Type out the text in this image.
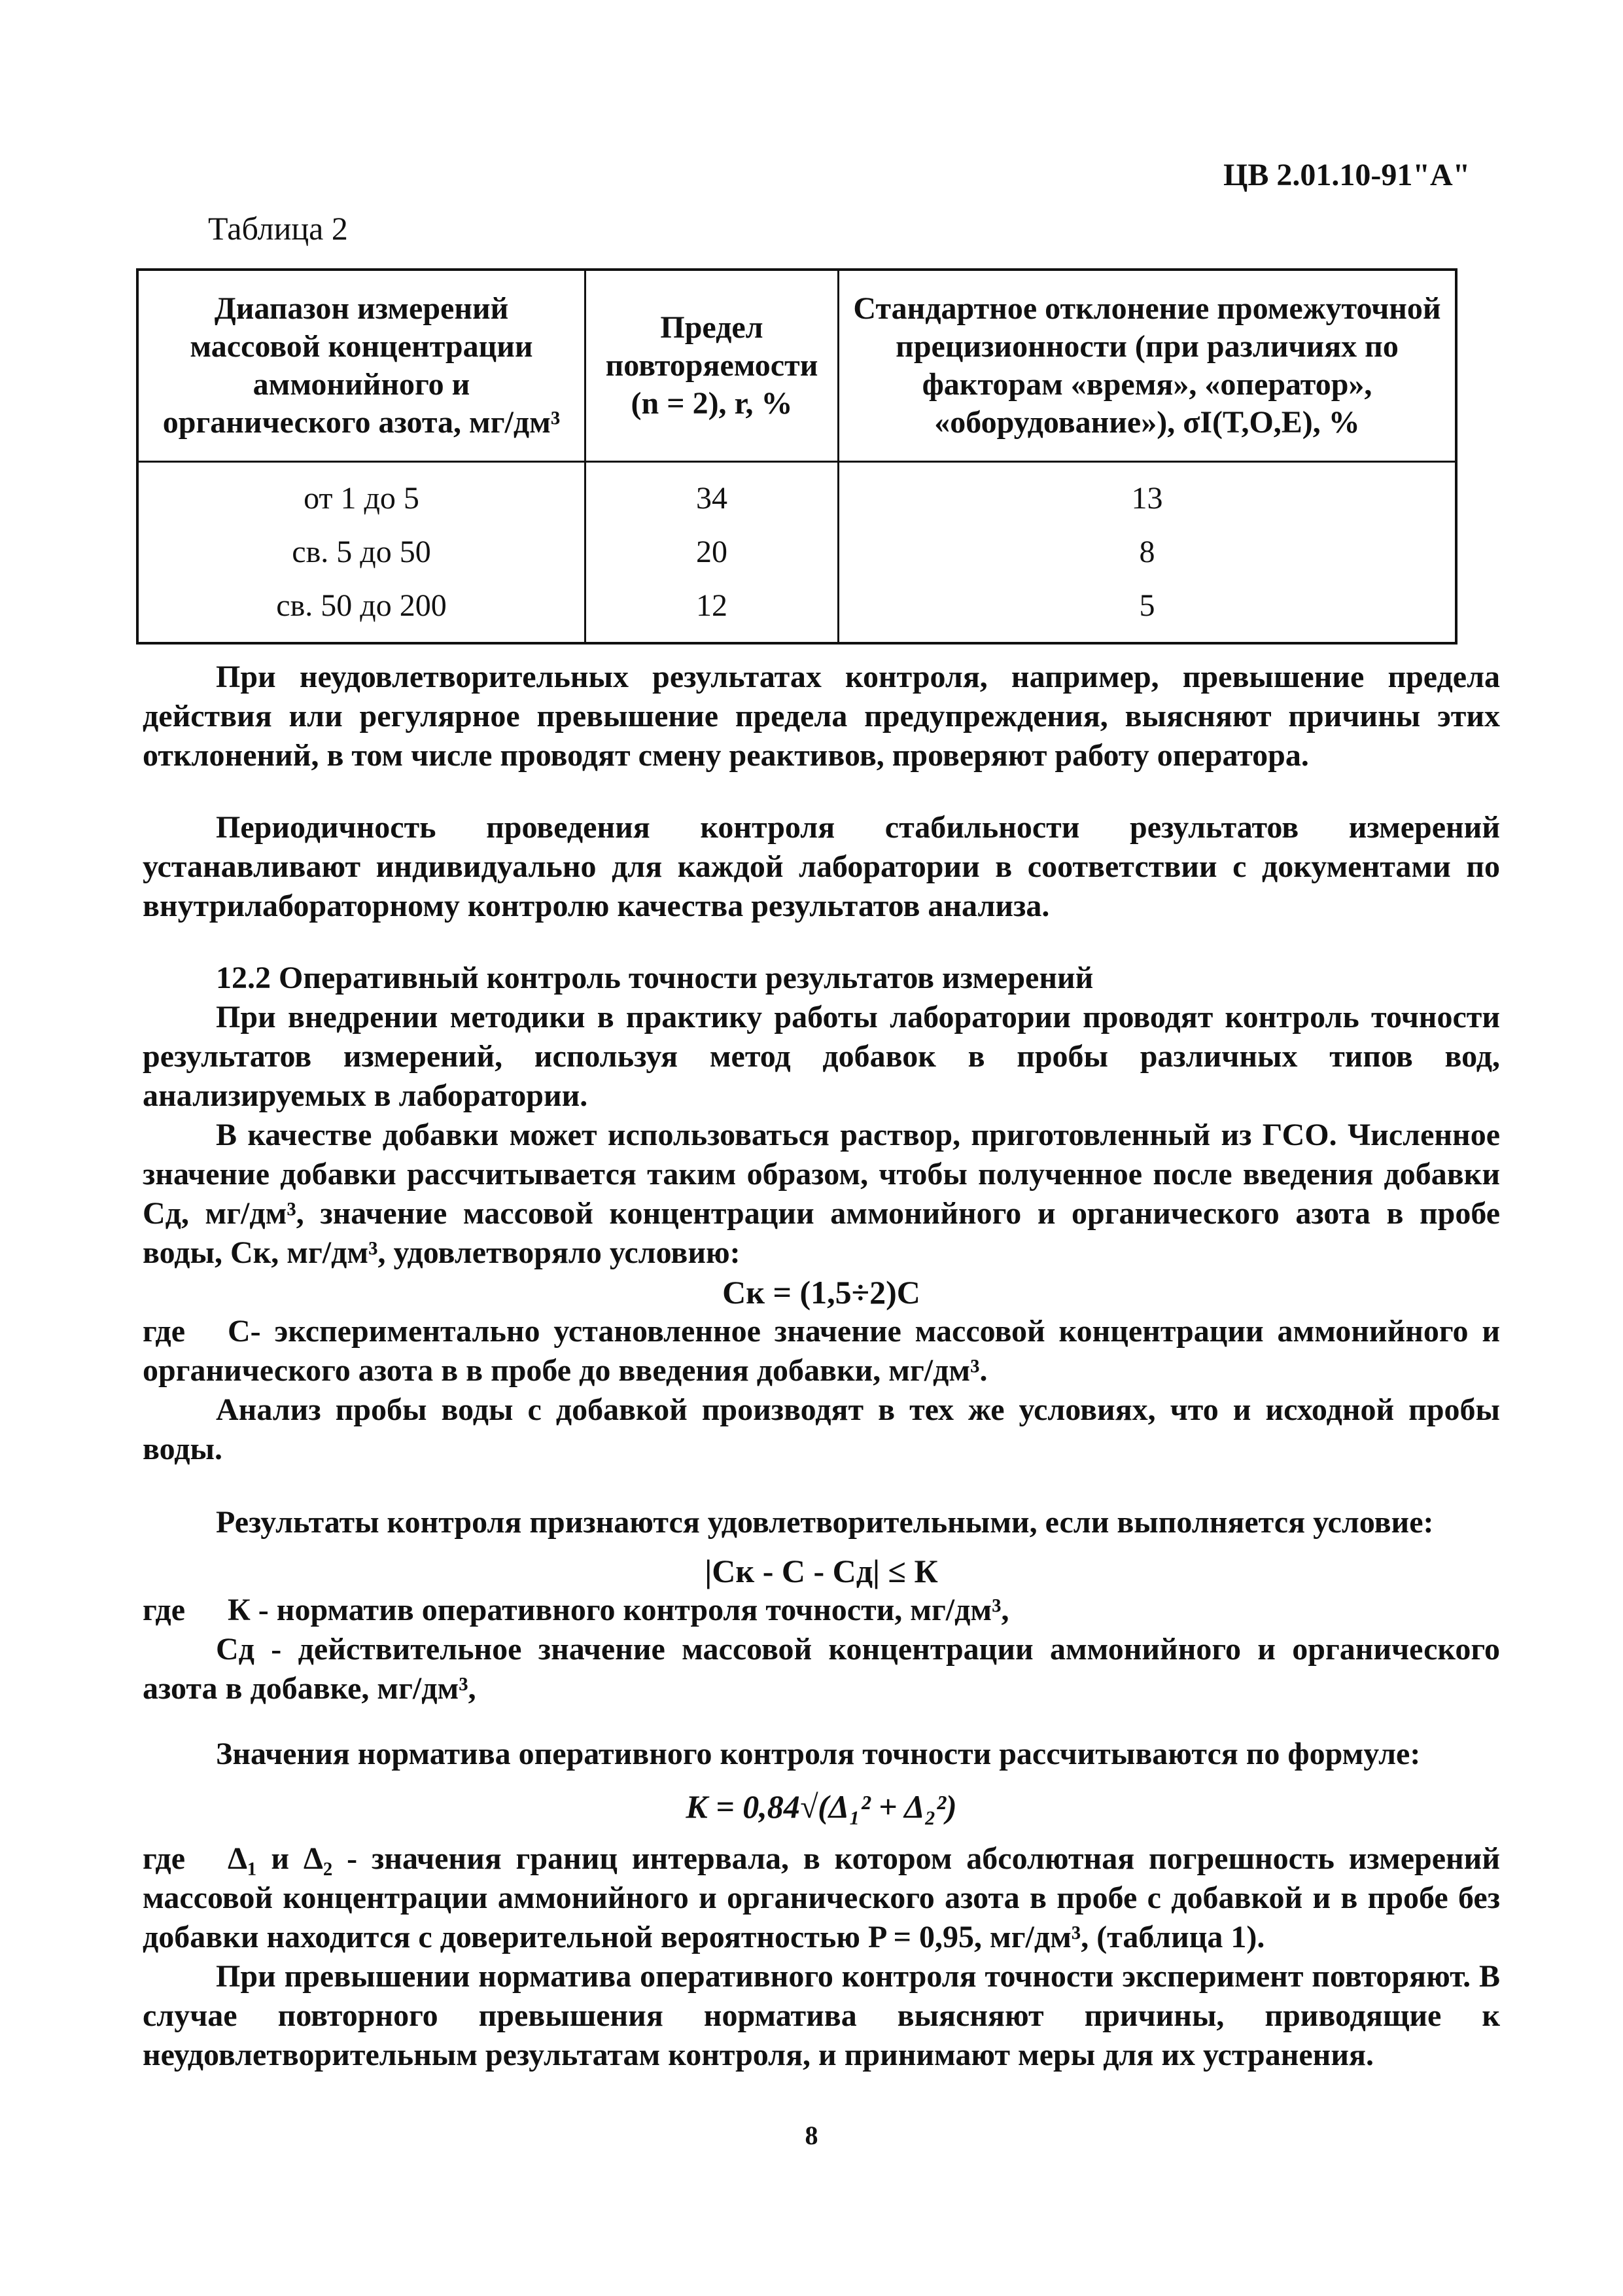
ЦВ 2.01.10-91"А"
Таблица 2
Диапазон измерений массовой концентрации аммонийного и органического азота, мг/дм³	Предел повторяемости (n = 2), r, %	Стандартное отклонение промежуточной прецизионности (при различиях по факторам «время», «оператор», «оборудование»), σI(T,O,E), %
от 1 до 5	34	13
св. 5 до 50	20	8
св. 50 до 200	12	5

При неудовлетворительных результатах контроля, например, превышение предела действия или регулярное превышение предела предупреждения, выясняют причины этих отклонений, в том числе проводят смену реактивов, проверяют работу оператора.

Периодичность проведения контроля стабильности результатов измерений устанавливают индивидуально для каждой лаборатории в соответствии с документами по внутрилабораторному контролю качества результатов анализа.

12.2 Оперативный контроль точности результатов измерений

При внедрении методики в практику работы лаборатории проводят контроль точности результатов измерений, используя метод добавок в пробы различных типов вод, анализируемых в лаборатории.

В качестве добавки может использоваться раствор, приготовленный из ГСО. Численное значение добавки рассчитывается таким образом, чтобы полученное после введения добавки Сд, мг/дм³, значение массовой концентрации аммонийного и органического азота в пробе воды, Ск, мг/дм³, удовлетворяло условию:

Ск = (1,5÷2)С

где С- экспериментально установленное значение массовой концентрации аммонийного и органического азота в в пробе до введения добавки, мг/дм³.

Анализ пробы воды с добавкой производят в тех же условиях, что и исходной пробы воды.

Результаты контроля признаются удовлетворительными, если выполняется условие:

|Ск - С - Сд| ≤ К

где К - норматив оперативного контроля точности, мг/дм³,

Сд - действительное значение массовой концентрации аммонийного и органического азота в добавке, мг/дм³,

Значения норматива оперативного контроля точности рассчитываются по формуле:

K = 0,84√(Δ₁² + Δ₂²)

где Δ₁ и Δ₂ - значения границ интервала, в котором абсолютная погрешность измерений массовой концентрации аммонийного и органического азота в пробе с добавкой и в пробе без добавки находится с доверительной вероятностью P = 0,95, мг/дм³, (таблица 1).

При превышении норматива оперативного контроля точности эксперимент повторяют. В случае повторного превышения норматива выясняют причины, приводящие к неудовлетворительным результатам контроля, и принимают меры для их устранения.

8
